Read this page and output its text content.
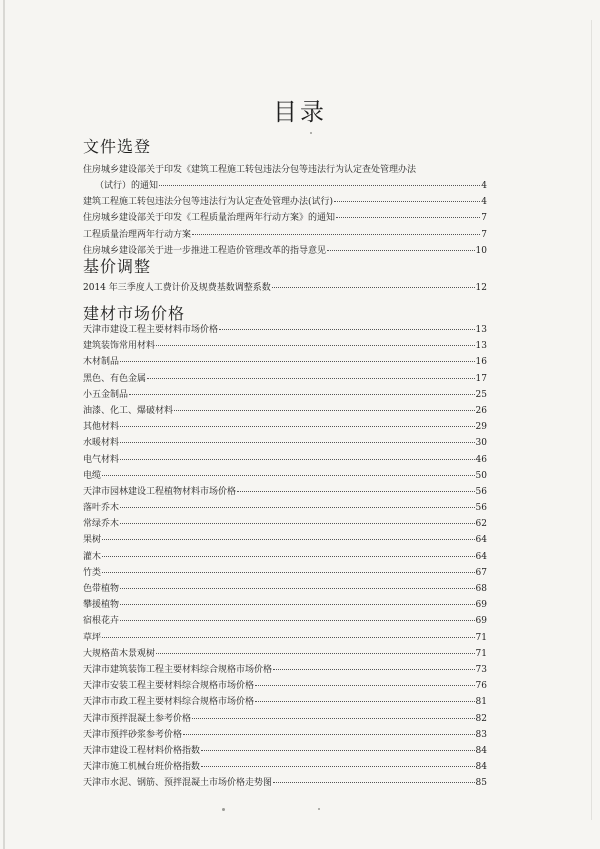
目录
文件选登
住房城乡建设部关于印发《建筑工程施工转包违法分包等违法行为认定查处管理办法
（试行）的通知	4
建筑工程施工转包违法分包等违法行为认定查处管理办法(试行)	4
住房城乡建设部关于印发《工程质量治理两年行动方案》的通知	7
工程质量治理两年行动方案	7
住房城乡建设部关于进一步推进工程造价管理改革的指导意见	10
基价调整
2014 年三季度人工费计价及规费基数调整系数	12
建材市场价格
天津市建设工程主要材料市场价格	13
建筑装饰常用材料	13
木材制品	16
黑色、有色金属	17
小五金制品	25
油漆、化工、爆破材料	26
其他材料	29
水暖材料	30
电气材料	46
电缆	50
天津市园林建设工程植物材料市场价格	56
落叶乔木	56
常绿乔木	62
果树	64
灌木	64
竹类	67
色带植物	68
攀援植物	69
宿根花卉	69
草坪	71
大规格苗木景观树	71
天津市建筑装饰工程主要材料综合规格市场价格	73
天津市安装工程主要材料综合规格市场价格	76
天津市市政工程主要材料综合规格市场价格	81
天津市预拌混凝土参考价格	82
天津市预拌砂浆参考价格	83
天津市建设工程材料价格指数	84
天津市施工机械台班价格指数	84
天津市水泥、钢筋、预拌混凝土市场价格走势图	85
